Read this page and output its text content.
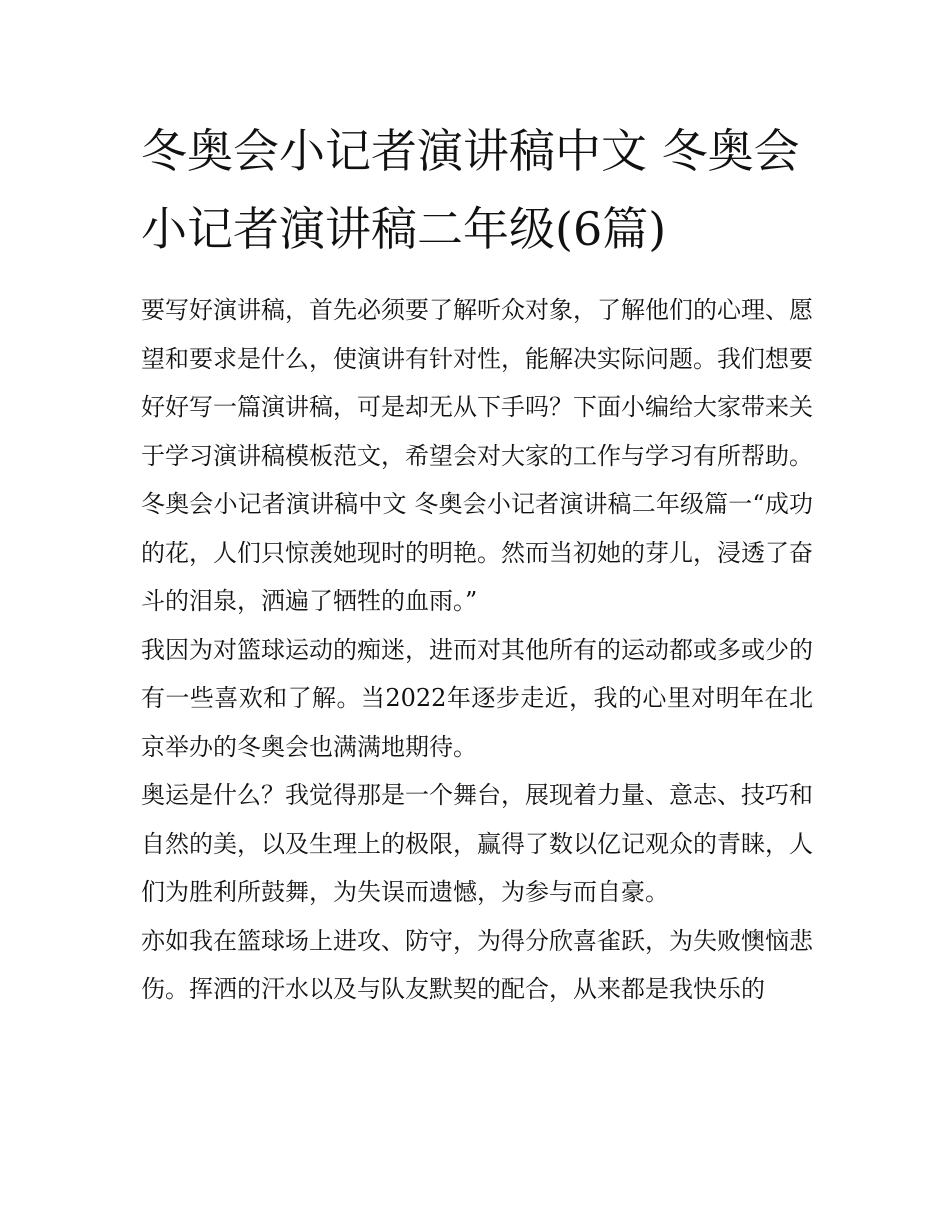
冬奥会小记者演讲稿中文 冬奥会小记者演讲稿二年级(6篇)

要写好演讲稿，首先必须要了解听众对象，了解他们的心理、愿望和要求是什么，使演讲有针对性，能解决实际问题。我们想要好好写一篇演讲稿，可是却无从下手吗？下面小编给大家带来关于学习演讲稿模板范文，希望会对大家的工作与学习有所帮助。

冬奥会小记者演讲稿中文 冬奥会小记者演讲稿二年级篇一“成功的花，人们只惊羡她现时的明艳。然而当初她的芽儿，浸透了奋斗的泪泉，洒遍了牺牲的血雨。”

我因为对篮球运动的痴迷，进而对其他所有的运动都或多或少的有一些喜欢和了解。当2022年逐步走近，我的心里对明年在北京举办的冬奥会也满满地期待。

奥运是什么？我觉得那是一个舞台，展现着力量、意志、技巧和自然的美，以及生理上的极限，赢得了数以亿记观众的青睐，人们为胜利所鼓舞，为失误而遗憾，为参与而自豪。

亦如我在篮球场上进攻、防守，为得分欣喜雀跃，为失败懊恼悲伤。挥洒的汗水以及与队友默契的配合，从来都是我快乐的
